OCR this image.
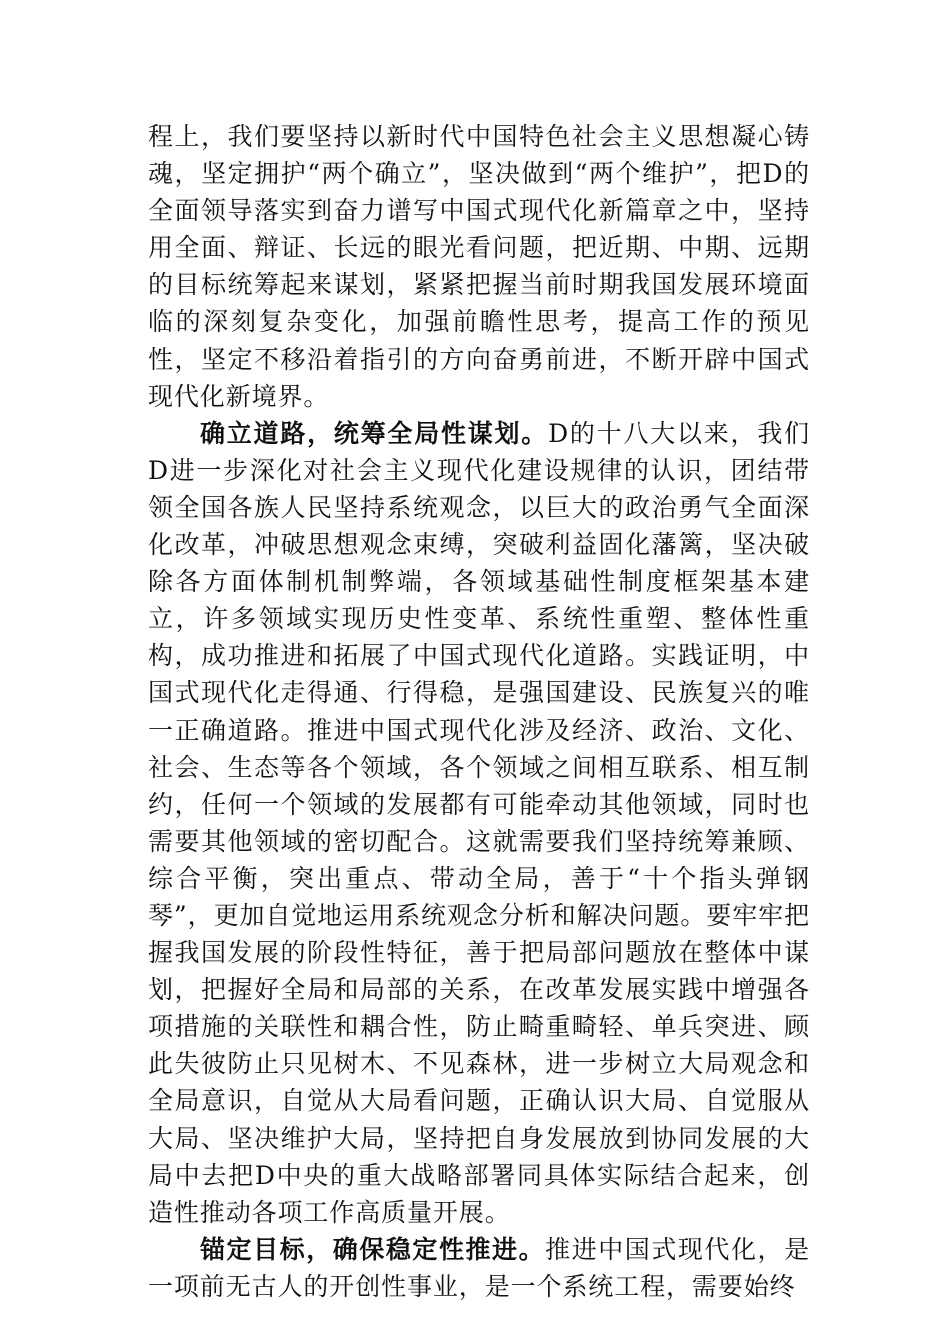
程上，我们要坚持以新时代中国特色社会主义思想凝心铸魂，坚定拥护“两个确立”，坚决做到“两个维护”，把D的全面领导落实到奋力谱写中国式现代化新篇章之中，坚持用全面、辩证、长远的眼光看问题，把近期、中期、远期的目标统筹起来谋划，紧紧把握当前时期我国发展环境面临的深刻复杂变化，加强前瞻性思考，提高工作的预见性，坚定不移沿着指引的方向奋勇前进，不断开辟中国式现代化新境界。

确立道路，统筹全局性谋划。D的十八大以来，我们D进一步深化对社会主义现代化建设规律的认识，团结带领全国各族人民坚持系统观念，以巨大的政治勇气全面深化改革，冲破思想观念束缚，突破利益固化藩篱，坚决破除各方面体制机制弊端，各领域基础性制度框架基本建立，许多领域实现历史性变革、系统性重塑、整体性重构，成功推进和拓展了中国式现代化道路。实践证明，中国式现代化走得通、行得稳，是强国建设、民族复兴的唯一正确道路。推进中国式现代化涉及经济、政治、文化、社会、生态等各个领域，各个领域之间相互联系、相互制约，任何一个领域的发展都有可能牵动其他领域，同时也需要其他领域的密切配合。这就需要我们坚持统筹兼顾、综合平衡，突出重点、带动全局，善于“十个指头弹钢琴”，更加自觉地运用系统观念分析和解决问题。要牢牢把握我国发展的阶段性特征，善于把局部问题放在整体中谋划，把握好全局和局部的关系，在改革发展实践中增强各项措施的关联性和耦合性，防止畸重畸轻、单兵突进、顾此失彼防止只见树木、不见森林，进一步树立大局观念和全局意识，自觉从大局看问题，正确认识大局、自觉服从大局、坚决维护大局，坚持把自身发展放到协同发展的大局中去把D中央的重大战略部署同具体实际结合起来，创造性推动各项工作高质量开展。

锚定目标，确保稳定性推进。推进中国式现代化，是一项前无古人的开创性事业，是一个系统工程，需要始终
